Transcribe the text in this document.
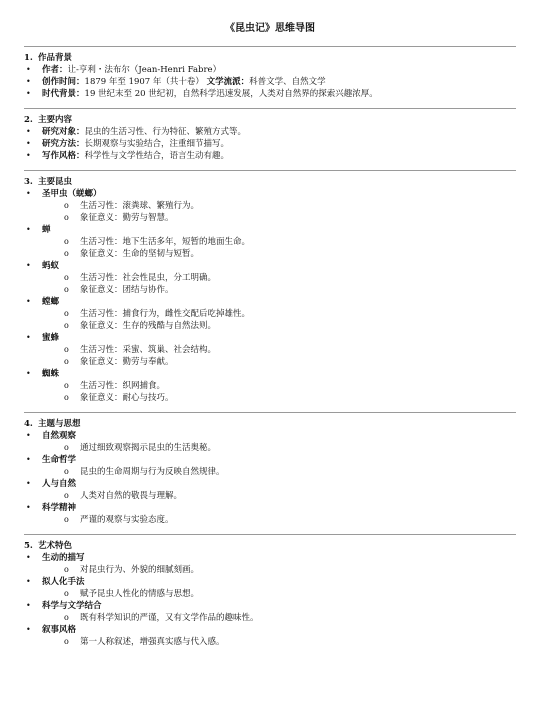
《昆虫记》思维导图
1. 作品背景
• 作者：让-亨利・法布尔（Jean-Henri Fabre）
• 创作时间：1879 年至 1907 年（共十卷） 文学流派：科普文学、自然文学
• 时代背景：19 世纪末至 20 世纪初，自然科学迅速发展，人类对自然界的探索兴趣浓厚。
2. 主要内容
• 研究对象：昆虫的生活习性、行为特征、繁殖方式等。
• 研究方法：长期观察与实验结合，注重细节描写。
• 写作风格：科学性与文学性结合，语言生动有趣。
3. 主要昆虫
• 圣甲虫（蜣螂）
o 生活习性：滚粪球、繁殖行为。
o 象征意义：勤劳与智慧。
• 蝉
o 生活习性：地下生活多年，短暂的地面生命。
o 象征意义：生命的坚韧与短暂。
• 蚂蚁
o 生活习性：社会性昆虫，分工明确。
o 象征意义：团结与协作。
• 螳螂
o 生活习性：捕食行为，雌性交配后吃掉雄性。
o 象征意义：生存的残酷与自然法则。
• 蜜蜂
o 生活习性：采蜜、筑巢、社会结构。
o 象征意义：勤劳与奉献。
• 蜘蛛
o 生活习性：织网捕食。
o 象征意义：耐心与技巧。
4. 主题与思想
• 自然观察
o 通过细致观察揭示昆虫的生活奥秘。
• 生命哲学
o 昆虫的生命周期与行为反映自然规律。
• 人与自然
o 人类对自然的敬畏与理解。
• 科学精神
o 严谨的观察与实验态度。
5. 艺术特色
• 生动的描写
o 对昆虫行为、外貌的细腻刻画。
• 拟人化手法
o 赋予昆虫人性化的情感与思想。
• 科学与文学结合
o 既有科学知识的严谨，又有文学作品的趣味性。
• 叙事风格
o 第一人称叙述，增强真实感与代入感。
